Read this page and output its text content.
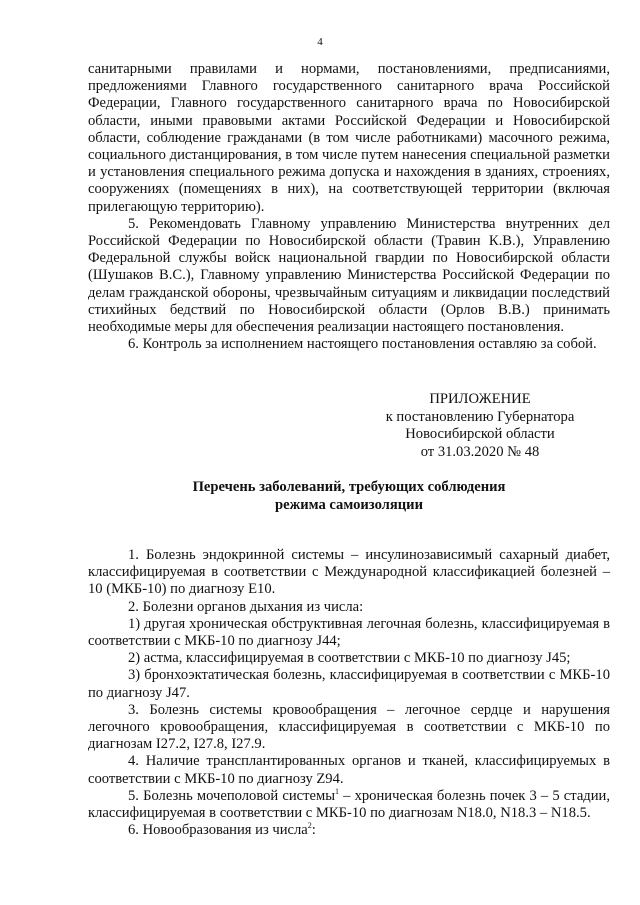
4

санитарными правилами и нормами, постановлениями, предписаниями, предложениями Главного государственного санитарного врача Российской Федерации, Главного государственного санитарного врача по Новосибирской области, иными правовыми актами Российской Федерации и Новосибирской области, соблюдение гражданами (в том числе работниками) масочного режима, социального дистанцирования, в том числе путем нанесения специальной разметки и установления специального режима допуска и нахождения в зданиях, строениях, сооружениях (помещениях в них), на соответствующей территории (включая прилегающую территорию).

5. Рекомендовать Главному управлению Министерства внутренних дел Российской Федерации по Новосибирской области (Травин К.В.), Управлению Федеральной службы войск национальной гвардии по Новосибирской области (Шушаков В.С.), Главному управлению Министерства Российской Федерации по делам гражданской обороны, чрезвычайным ситуациям и ликвидации последствий стихийных бедствий по Новосибирской области (Орлов В.В.) принимать необходимые меры для обеспечения реализации настоящего постановления.

6. Контроль за исполнением настоящего постановления оставляю за собой.

ПРИЛОЖЕНИЕ
к постановлению Губернатора
Новосибирской области
от 31.03.2020 № 48
Перечень заболеваний, требующих соблюдения
режима самоизоляции

1. Болезнь эндокринной системы – инсулинозависимый сахарный диабет, классифицируемая в соответствии с Международной классификацией болезней – 10 (МКБ-10) по диагнозу E10.

2. Болезни органов дыхания из числа:

1) другая хроническая обструктивная легочная болезнь, классифицируемая в соответствии с МКБ-10 по диагнозу J44;

2) астма, классифицируемая в соответствии с МКБ-10 по диагнозу J45;

3) бронхоэктатическая болезнь, классифицируемая в соответствии с МКБ-10 по диагнозу J47.

3. Болезнь системы кровообращения – легочное сердце и нарушения легочного кровообращения, классифицируемая в соответствии с МКБ-10 по диагнозам I27.2, I27.8, I27.9.

4. Наличие трансплантированных органов и тканей, классифицируемых в соответствии с МКБ-10 по диагнозу Z94.

5. Болезнь мочеполовой системы$^1$ – хроническая болезнь почек 3 – 5 стадии, классифицируемая в соответствии с МКБ-10 по диагнозам N18.0, N18.3 – N18.5.

6. Новообразования из числа$^2$:
